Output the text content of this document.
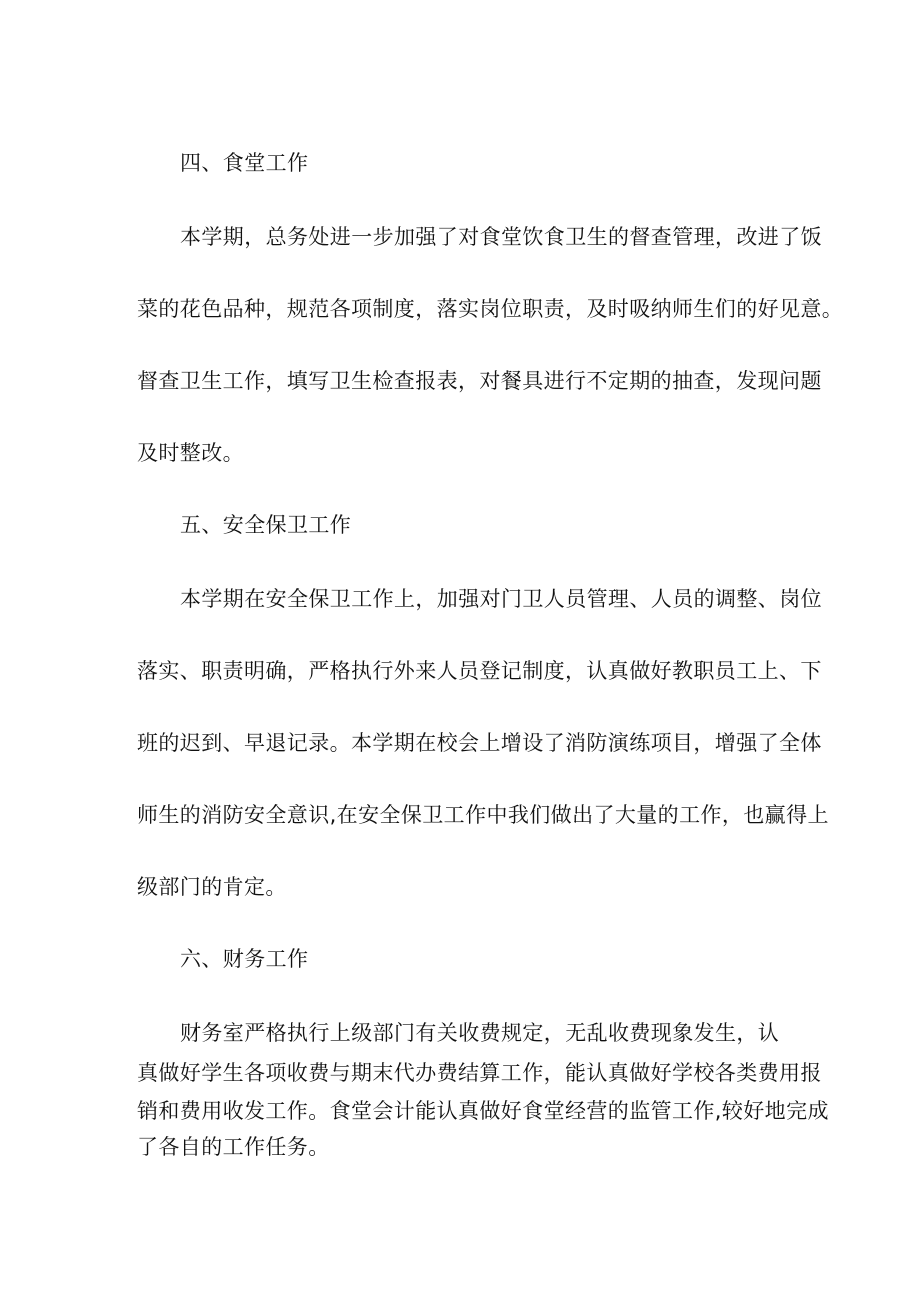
四、食堂工作
本学期，总务处进一步加强了对食堂饮食卫生的督查管理，改进了饭
菜的花色品种，规范各项制度，落实岗位职责，及时吸纳师生们的好见意。
督查卫生工作，填写卫生检查报表，对餐具进行不定期的抽查，发现问题
及时整改。
五、安全保卫工作
本学期在安全保卫工作上，加强对门卫人员管理、人员的调整、岗位
落实、职责明确，严格执行外来人员登记制度，认真做好教职员工上、下
班的迟到、早退记录。本学期在校会上增设了消防演练项目，增强了全体
师生的消防安全意识,在安全保卫工作中我们做出了大量的工作，也赢得上
级部门的肯定。
六、财务工作
财务室严格执行上级部门有关收费规定，无乱收费现象发生，认
真做好学生各项收费与期末代办费结算工作，能认真做好学校各类费用报
销和费用收发工作。食堂会计能认真做好食堂经营的监管工作,较好地完成
了各自的工作任务。
